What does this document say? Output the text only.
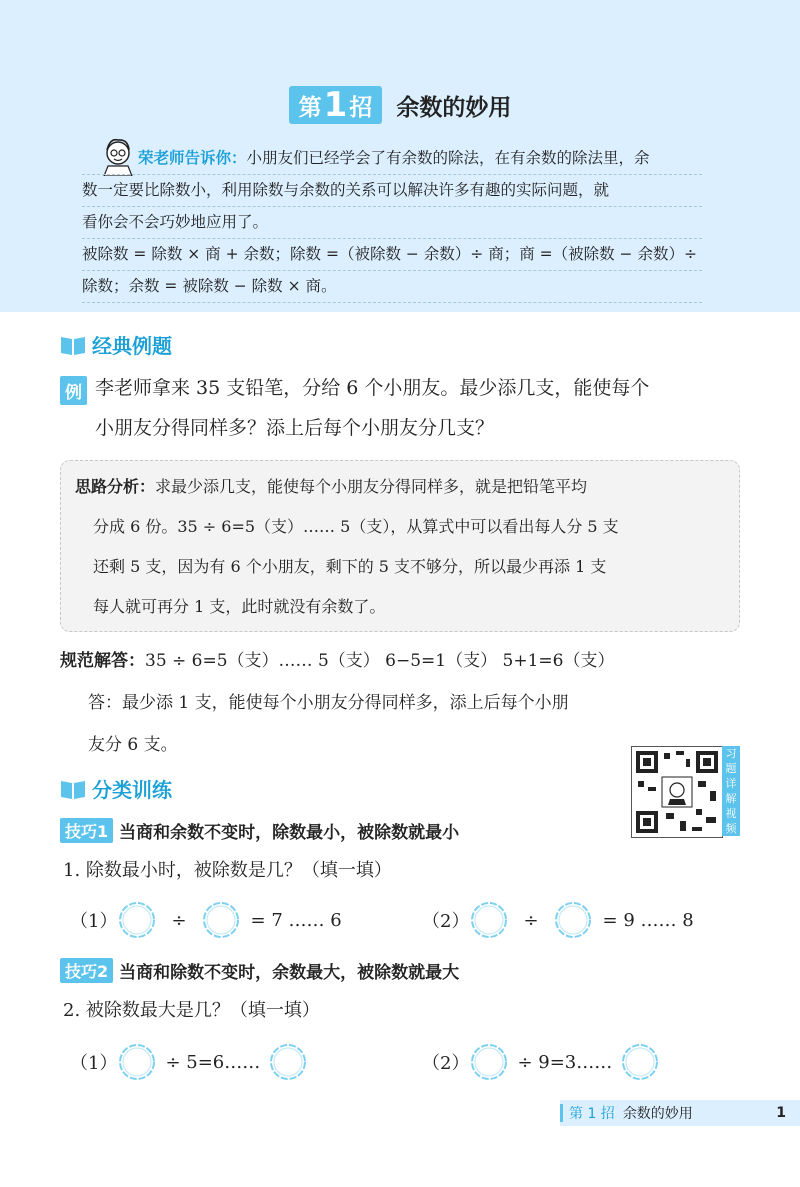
第 1 招 余数的妙用
荣老师告诉你：小朋友们已经学会了有余数的除法，在有余数的除法里，余
数一定要比除数小，利用除数与余数的关系可以解决许多有趣的实际问题，就
看你会不会巧妙地应用了。
被除数 = 除数 × 商 + 余数；除数 =（被除数 − 余数）÷ 商；商 =（被除数 − 余数）÷
除数；余数 = 被除数 − 除数 × 商。
经典例题
例 李老师拿来 35 支铅笔，分给 6 个小朋友。最少添几支，能使每个
小朋友分得同样多？添上后每个小朋友分几支？
思路分析：求最少添几支，能使每个小朋友分得同样多，就是把铅笔平均
分成 6 份。35 ÷ 6=5（支）…… 5（支），从算式中可以看出每人分 5 支
还剩 5 支，因为有 6 个小朋友，剩下的 5 支不够分，所以最少再添 1 支
每人就可再分 1 支，此时就没有余数了。
规范解答：35 ÷ 6=5（支）…… 5（支） 6−5=1（支） 5+1=6（支）
答：最少添 1 支，能使每个小朋友分得同样多，添上后每个小朋
友分 6 支。	习题详解视频
分类训练
技巧1 当商和余数不变时，除数最小，被除数就最小
1. 除数最小时，被除数是几？（填一填）
（1）	÷	= 7 …… 6	（2）	÷	= 9 …… 8
技巧2 当商和除数不变时，余数最大，被除数就最大
2. 被除数最大是几？（填一填）
（1）	÷ 5=6……	（2）	÷ 9=3……
第 1 招 余数的妙用	1
